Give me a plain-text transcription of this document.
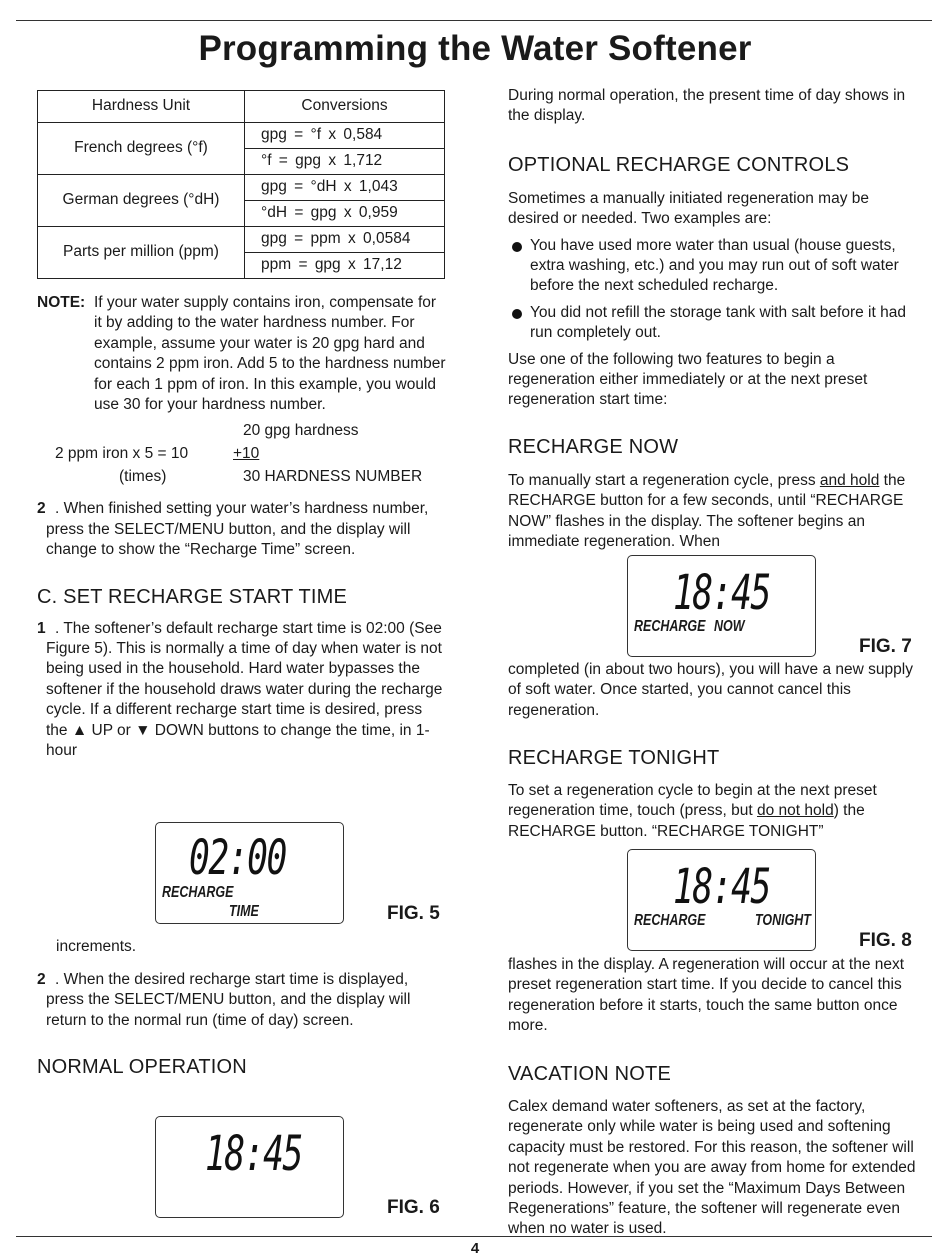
Programming the Water Softener
Hardness Unit	Conversions
French degrees (°f)	gpg = °f x 0,584
	°f = gpg x 1,712
German degrees (°dH)	gpg = °dH x 1,043
	°dH = gpg x 0,959
Parts per million (ppm)	gpg = ppm x 0,0584
	ppm = gpg x 17,12
NOTE: If your water supply contains iron, compensate for it by adding to the water hardness number. For example, assume your water is 20 gpg hard and contains 2 ppm iron. Add 5 to the hardness number for each 1 ppm of iron. In this example, you would use 30 for your hardness number.

20 gpg hardness
2 ppm iron x 5 = 10	+10
(times)	30 HARDNESS NUMBER
2 . When finished setting your water’s hardness number, press the SELECT/MENU button, and the display will change to show the “Recharge Time” screen.

C. SET RECHARGE START TIME
1 . The softener’s default recharge start time is 02:00 (See Figure 5). This is normally a time of day when water is not being used in the household. Hard water bypasses the softener if the household draws water during the recharge cycle. If a different recharge start time is desired, press the ▲ UP or ▼ DOWN buttons to change the time, in 1-hour

02:00
RECHARGE
TIME	FIG. 5

increments.

2 . When the desired recharge start time is displayed, press the SELECT/MENU button, and the display will return to the normal run (time of day) screen.

NORMAL OPERATION
18:45
FIG. 6

During normal operation, the present time of day shows in the display.

OPTIONAL RECHARGE CONTROLS

Sometimes a manually initiated regeneration may be desired or needed. Two examples are:

You have used more water than usual (house guests, extra washing, etc.) and you may run out of soft water before the next scheduled recharge.

You did not refill the storage tank with salt before it had run completely out.

Use one of the following two features to begin a regeneration either immediately or at the next preset regeneration start time:

RECHARGE NOW

To manually start a regeneration cycle, press and hold the RECHARGE button for a few seconds, until “RECHARGE NOW” flashes in the display. The softener begins an immediate regeneration. When

18:45
RECHARGE NOW
FIG. 7

completed (in about two hours), you will have a new supply of soft water. Once started, you cannot cancel this regeneration.

RECHARGE TONIGHT

To set a regeneration cycle to begin at the next preset regeneration time, touch (press, but do not hold) the RECHARGE button. “RECHARGE TONIGHT”

18:45
RECHARGE	TONIGHT
FIG. 8

flashes in the display. A regeneration will occur at the next preset regeneration start time. If you decide to cancel this regeneration before it starts, touch the same button once more.

VACATION NOTE

Calex demand water softeners, as set at the factory, regenerate only while water is being used and softening capacity must be restored. For this reason, the softener will not regenerate when you are away from home for extended periods. However, if you set the “Maximum Days Between Regenerations” feature, the softener will regenerate even when no water is used.

4
